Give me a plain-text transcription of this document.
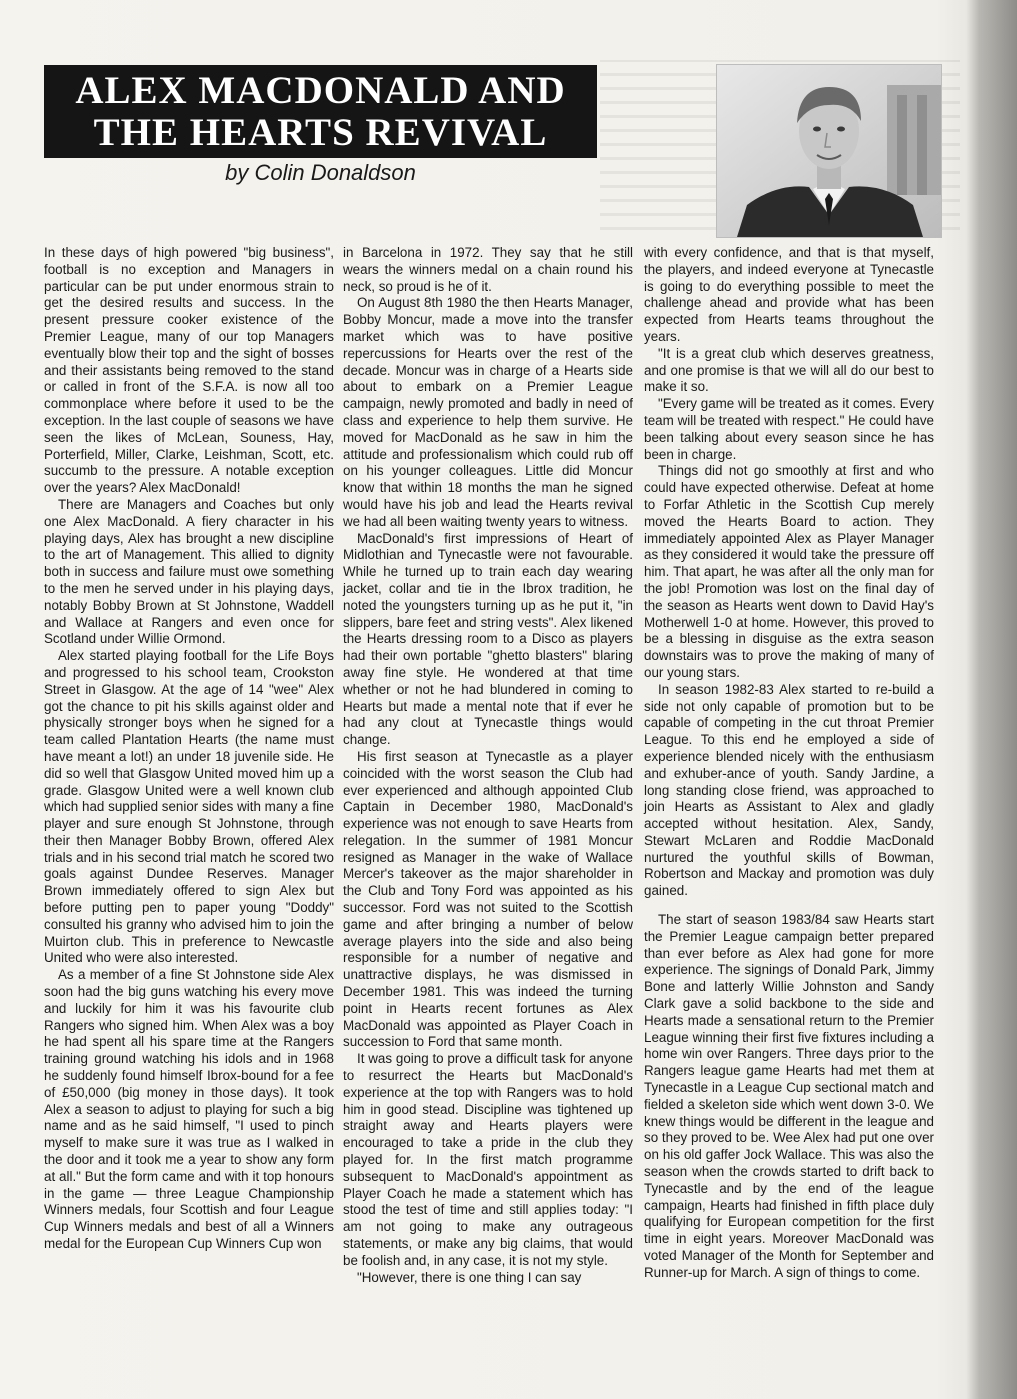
ALEX MACDONALD AND
THE HEARTS REVIVAL
by Colin Donaldson

In these days of high powered "big business", football is no exception and Managers in particular can be put under enormous strain to get the desired results and success. In the present pressure cooker existence of the Premier League, many of our top Managers eventually blow their top and the sight of bosses and their assistants being removed to the stand or called in front of the S.F.A. is now all too commonplace where before it used to be the exception. In the last couple of seasons we have seen the likes of McLean, Souness, Hay, Porterfield, Miller, Clarke, Leishman, Scott, etc. succumb to the pressure. A notable exception over the years? Alex MacDonald!

There are Managers and Coaches but only one Alex MacDonald. A fiery character in his playing days, Alex has brought a new discipline to the art of Management. This allied to dignity both in success and failure must owe something to the men he served under in his playing days, notably Bobby Brown at St Johnstone, Waddell and Wallace at Rangers and even once for Scotland under Willie Ormond.

Alex started playing football for the Life Boys and progressed to his school team, Crookston Street in Glasgow. At the age of 14 "wee" Alex got the chance to pit his skills against older and physically stronger boys when he signed for a team called Plantation Hearts (the name must have meant a lot!) an under 18 juvenile side. He did so well that Glasgow United moved him up a grade. Glasgow United were a well known club which had supplied senior sides with many a fine player and sure enough St Johnstone, through their then Manager Bobby Brown, offered Alex trials and in his second trial match he scored two goals against Dundee Reserves. Manager Brown immediately offered to sign Alex but before putting pen to paper young "Doddy" consulted his granny who advised him to join the Muirton club. This in preference to Newcastle United who were also interested.

As a member of a fine St Johnstone side Alex soon had the big guns watching his every move and luckily for him it was his favourite club Rangers who signed him. When Alex was a boy he had spent all his spare time at the Rangers training ground watching his idols and in 1968 he suddenly found himself Ibrox-bound for a fee of £50,000 (big money in those days). It took Alex a season to adjust to playing for such a big name and as he said himself, "I used to pinch myself to make sure it was true as I walked in the door and it took me a year to show any form at all." But the form came and with it top honours in the game — three League Championship Winners medals, four Scottish and four League Cup Winners medals and best of all a Winners medal for the European Cup Winners Cup won

in Barcelona in 1972. They say that he still wears the winners medal on a chain round his neck, so proud is he of it.

On August 8th 1980 the then Hearts Manager, Bobby Moncur, made a move into the transfer market which was to have positive repercussions for Hearts over the rest of the decade. Moncur was in charge of a Hearts side about to embark on a Premier League campaign, newly promoted and badly in need of class and experience to help them survive. He moved for MacDonald as he saw in him the attitude and professionalism which could rub off on his younger colleagues. Little did Moncur know that within 18 months the man he signed would have his job and lead the Hearts revival we had all been waiting twenty years to witness.

MacDonald's first impressions of Heart of Midlothian and Tynecastle were not favourable. While he turned up to train each day wearing jacket, collar and tie in the Ibrox tradition, he noted the youngsters turning up as he put it, "in slippers, bare feet and string vests". Alex likened the Hearts dressing room to a Disco as players had their own portable "ghetto blasters" blaring away fine style. He wondered at that time whether or not he had blundered in coming to Hearts but made a mental note that if ever he had any clout at Tynecastle things would change.

His first season at Tynecastle as a player coincided with the worst season the Club had ever experienced and although appointed Club Captain in December 1980, MacDonald's experience was not enough to save Hearts from relegation. In the summer of 1981 Moncur resigned as Manager in the wake of Wallace Mercer's takeover as the major shareholder in the Club and Tony Ford was appointed as his successor. Ford was not suited to the Scottish game and after bringing a number of below average players into the side and also being responsible for a number of negative and unattractive displays, he was dismissed in December 1981. This was indeed the turning point in Hearts recent fortunes as Alex MacDonald was appointed as Player Coach in succession to Ford that same month.

It was going to prove a difficult task for anyone to resurrect the Hearts but MacDonald's experience at the top with Rangers was to hold him in good stead. Discipline was tightened up straight away and Hearts players were encouraged to take a pride in the club they played for. In the first match programme subsequent to MacDonald's appointment as Player Coach he made a statement which has stood the test of time and still applies today: "I am not going to make any outrageous statements, or make any big claims, that would be foolish and, in any case, it is not my style.

"However, there is one thing I can say

with every confidence, and that is that myself, the players, and indeed everyone at Tynecastle is going to do everything possible to meet the challenge ahead and provide what has been expected from Hearts teams throughout the years.

"It is a great club which deserves greatness, and one promise is that we will all do our best to make it so.

"Every game will be treated as it comes. Every team will be treated with respect." He could have been talking about every season since he has been in charge.

Things did not go smoothly at first and who could have expected otherwise. Defeat at home to Forfar Athletic in the Scottish Cup merely moved the Hearts Board to action. They immediately appointed Alex as Player Manager as they considered it would take the pressure off him. That apart, he was after all the only man for the job! Promotion was lost on the final day of the season as Hearts went down to David Hay's Motherwell 1-0 at home. However, this proved to be a blessing in disguise as the extra season downstairs was to prove the making of many of our young stars.

In season 1982-83 Alex started to re-build a side not only capable of promotion but to be capable of competing in the cut throat Premier League. To this end he employed a side of experience blended nicely with the enthusiasm and exhuber-ance of youth. Sandy Jardine, a long standing close friend, was approached to join Hearts as Assistant to Alex and gladly accepted without hesitation. Alex, Sandy, Stewart McLaren and Roddie MacDonald nurtured the youthful skills of Bowman, Robertson and Mackay and promotion was duly gained.

The start of season 1983/84 saw Hearts start the Premier League campaign better prepared than ever before as Alex had gone for more experience. The signings of Donald Park, Jimmy Bone and latterly Willie Johnston and Sandy Clark gave a solid backbone to the side and Hearts made a sensational return to the Premier League winning their first five fixtures including a home win over Rangers. Three days prior to the Rangers league game Hearts had met them at Tynecastle in a League Cup sectional match and fielded a skeleton side which went down 3-0. We knew things would be different in the league and so they proved to be. Wee Alex had put one over on his old gaffer Jock Wallace. This was also the season when the crowds started to drift back to Tynecastle and by the end of the league campaign, Hearts had finished in fifth place duly qualifying for European competition for the first time in eight years. Moreover MacDonald was voted Manager of the Month for September and Runner-up for March. A sign of things to come.
